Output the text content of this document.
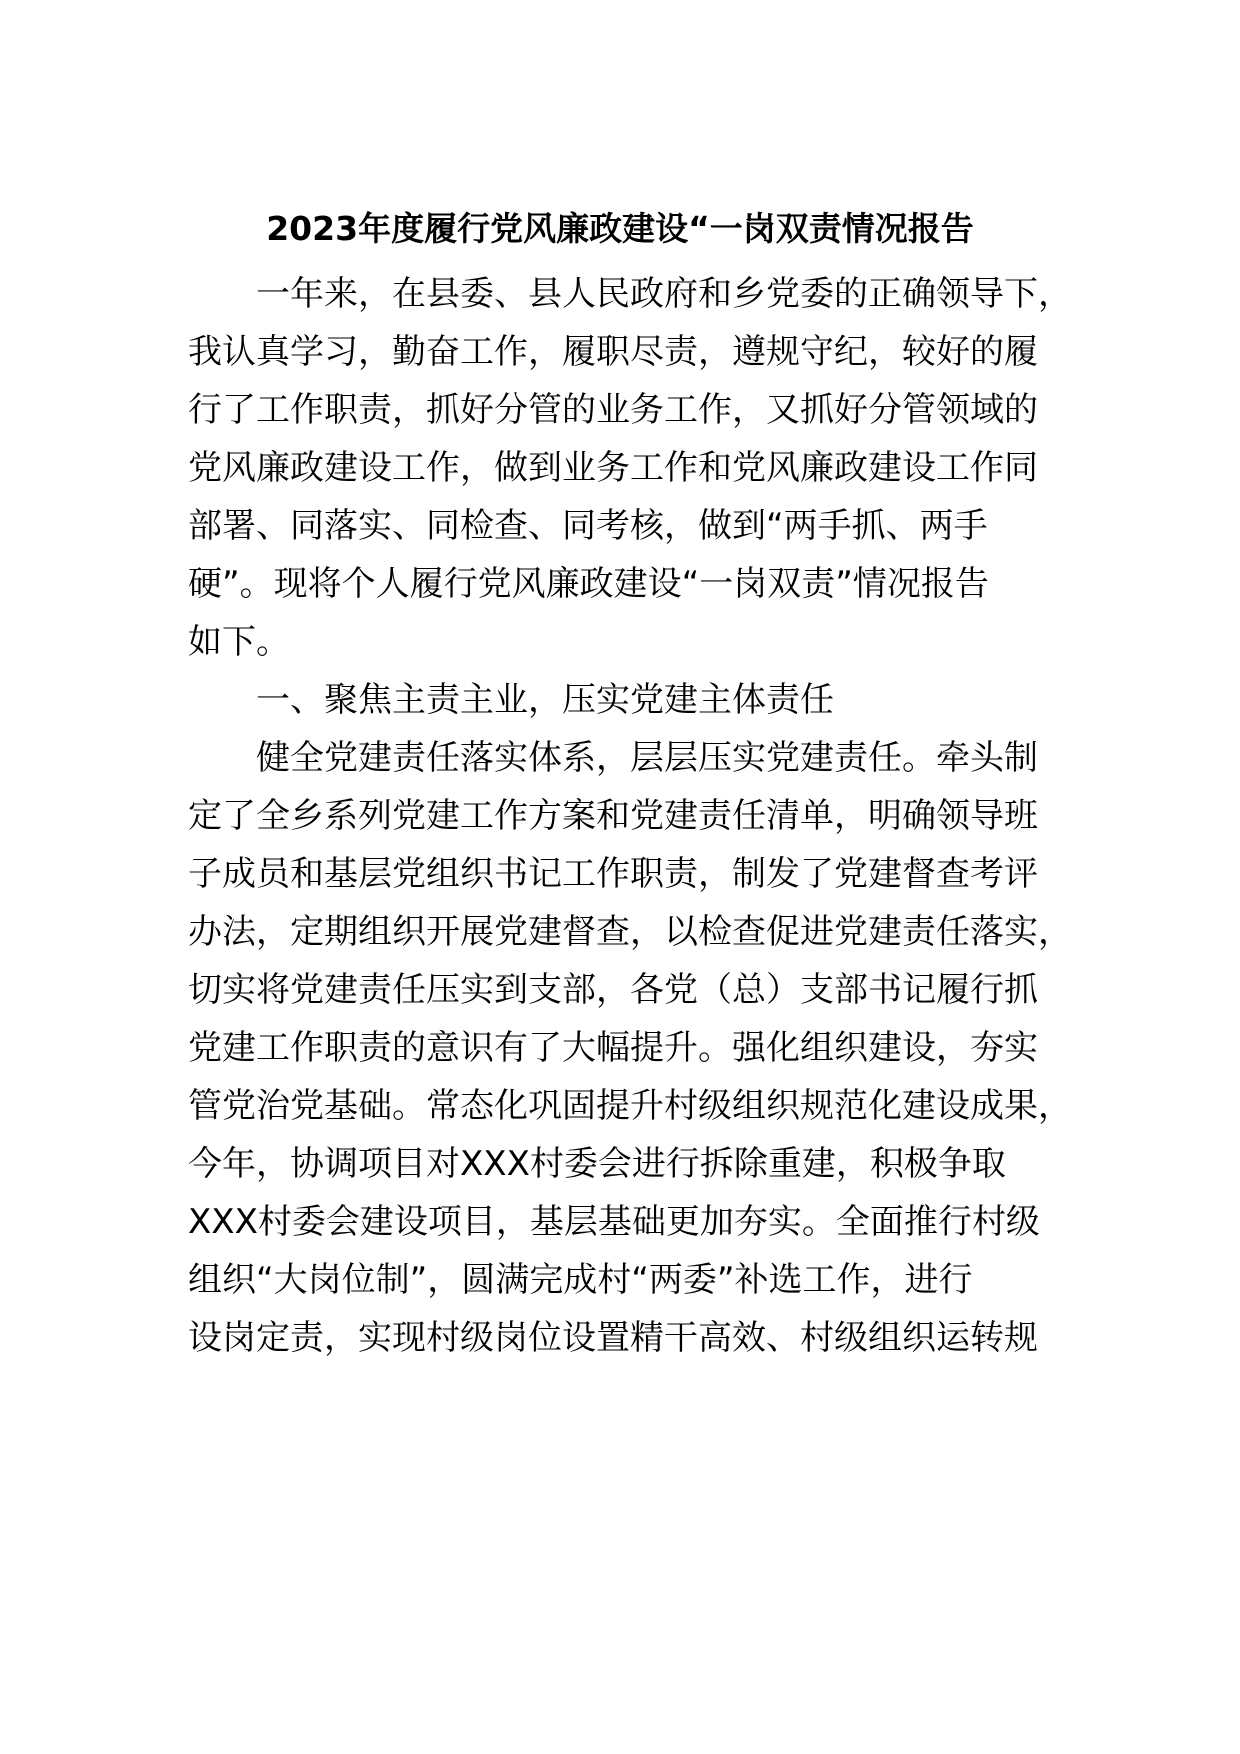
2023年度履行党风廉政建设“一岗双责情况报告
一年来，在县委、县人民政府和乡党委的正确领导下，
我认真学习，勤奋工作，履职尽责，遵规守纪，较好的履
行了工作职责，抓好分管的业务工作，又抓好分管领域的
党风廉政建设工作，做到业务工作和党风廉政建设工作同
部署、同落实、同检查、同考核，做到“两手抓、两手
硬”。现将个人履行党风廉政建设“一岗双责”情况报告
如下。
一、聚焦主责主业，压实党建主体责任
健全党建责任落实体系，层层压实党建责任。牵头制
定了全乡系列党建工作方案和党建责任清单，明确领导班
子成员和基层党组织书记工作职责，制发了党建督查考评
办法，定期组织开展党建督查，以检查促进党建责任落实，
切实将党建责任压实到支部，各党（总）支部书记履行抓
党建工作职责的意识有了大幅提升。强化组织建设，夯实
管党治党基础。常态化巩固提升村级组织规范化建设成果，
今年，协调项目对XXX村委会进行拆除重建，积极争取
XXX村委会建设项目，基层基础更加夯实。全面推行村级
组织“大岗位制”，圆满完成村“两委”补选工作，进行
设岗定责，实现村级岗位设置精干高效、村级组织运转规
